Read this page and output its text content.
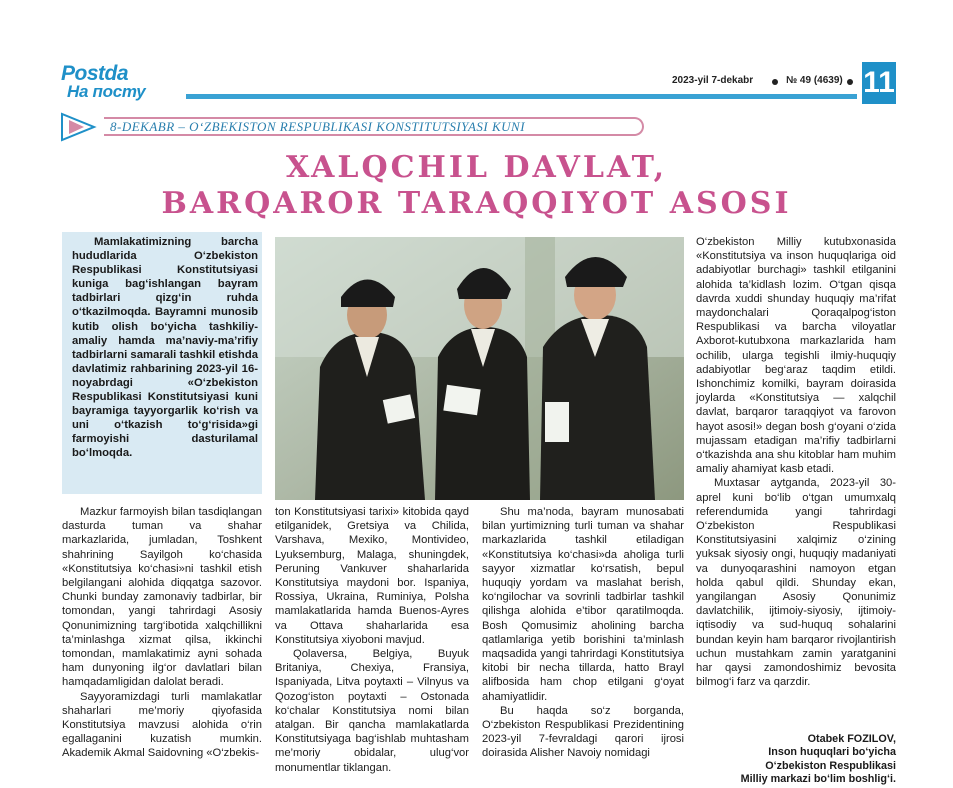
Postda
На посту
2023-yil 7-dekabr	№ 49 (4639) 11
8-DEKABR – O‘ZBEKISTON RESPUBLIKASI KONSTITUTSIYASI KUNI
XALQCHIL DAVLAT,
BARQAROR TARAQQIYOT ASOSI
Mamlakatimizning barcha hududlarida O‘zbekiston Respublikasi Konstitutsiyasi kuniga bag‘ishlangan bayram tadbirlari qizg‘in ruhda o‘tkazilmoqda. Bayramni munosib kutib olish bo‘yicha tashkiliy-amaliy hamda ma’naviy-ma’rifiy tadbirlarni samarali tashkil etishda davlatimiz rahbarining 2023-yil 16-noyabrdagi «O‘zbekiston Respublikasi Konstitutsiyasi kuni bayramiga tayyorgarlik ko‘rish va uni o‘tkazish to‘g‘risida»gi farmoyishi dasturilamal bo‘lmoqda.

Mazkur farmoyish bilan tasdiqlangan dasturda tuman va shahar markazlarida, jumladan, Toshkent shahrining Sayilgoh ko‘chasida «Konstitutsiya ko‘chasi»ni tashkil etish belgilangani alohida diqqatga sazovor. Chunki bunday zamonaviy tadbirlar, bir tomondan, yangi tahrirdagi Asosiy Qonunimizning targ‘ibotida xalqchillikni ta’minlashga xizmat qilsa, ikkinchi tomondan, mamlakatimiz ayni sohada ham dunyoning ilg‘or davlatlari bilan hamqadamligidan dalolat beradi.

Sayyoramizdagi turli mamlakatlar shaharlari me’moriy qiyofasida Konstitutsiya mavzusi alohida o‘rin egallaganini kuzatish mumkin. Akademik Akmal Saidovning «O‘zbekis-

ton Konstitutsiyasi tarixi» kitobida qayd etilganidek, Gretsiya va Chilida, Varshava, Mexiko, Montivideo, Lyuksemburg, Malaga, shuningdek, Peruning Vankuver shaharlarida Konstitutsiya maydoni bor. Ispaniya, Rossiya, Ukraina, Ruminiya, Polsha mamlakatlarida hamda Buenos-Ayres va Ottava shaharlarida esa Konstitutsiya xiyoboni mavjud.

Qolaversa, Belgiya, Buyuk Britaniya, Chexiya, Fransiya, Ispaniyada, Litva poytaxti – Vilnyus va Qozog‘iston poytaxti – Ostonada ko‘chalar Konstitutsiya nomi bilan atalgan. Bir qancha mamlakatlarda Konstitutsiyaga bag‘ishlab muhtasham me’moriy obidalar, ulug‘vor monumentlar tiklangan.

Shu ma’noda, bayram munosabati bilan yurtimizning turli tuman va shahar markazlarida tashkil etiladigan «Konstitutsiya ko‘chasi»da aholiga turli sayyor xizmatlar ko‘rsatish, bepul huquqiy yordam va maslahat berish, ko‘ngilochar va sovrinli tadbirlar tashkil qilishga alohida e’tibor qaratilmoqda. Bosh Qomusimiz aholining barcha qatlamlariga yetib borishini ta’minlash maqsadida yangi tahrirdagi Konstitutsiya kitobi bir necha tillarda, hatto Brayl alifbosida ham chop etilgani g‘oyat ahamiyatlidir.

Bu haqda so‘z borganda, O‘zbekiston Respublikasi Prezidentining 2023-yil 7-fevraldagi qarori ijrosi doirasida Alisher Navoiy nomidagi

O‘zbekiston Milliy kutubxonasida «Konstitutsiya va inson huquqlariga oid adabiyotlar burchagi» tashkil etilganini alohida ta’kidlash lozim. O‘tgan qisqa davrda xuddi shunday huquqiy ma’rifat maydonchalari Qoraqalpog‘iston Respublikasi va barcha viloyatlar Axborot-kutubxona markazlarida ham ochilib, ularga tegishli ilmiy-huquqiy adabiyotlar beg‘araz taqdim etildi. Ishonchimiz komilki, bayram doirasida joylarda «Konstitutsiya — xalqchil davlat, barqaror taraqqiyot va farovon hayot asosi!» degan bosh g‘oyani o‘zida mujassam etadigan ma’rifiy tadbirlarni o‘tkazishda ana shu kitoblar ham muhim amaliy ahamiyat kasb etadi.

Muxtasar aytganda, 2023-yil 30-aprel kuni bo‘lib o‘tgan umumxalq referendumida yangi tahrirdagi O‘zbekiston Respublikasi Konstitutsiyasini xalqimiz o‘zining yuksak siyosiy ongi, huquqiy madaniyati va dunyoqarashini namoyon etgan holda qabul qildi. Shunday ekan, yangilangan Asosiy Qonunimiz davlatchilik, ijtimoiy-siyosiy, ijtimoiy-iqtisodiy va sud-huquq sohalarini bundan keyin ham barqaror rivojlantirish uchun mustahkam zamin yaratganini har qaysi zamondoshimiz bevosita bilmog‘i farz va qarzdir.

Otabek FOZILOV,
Inson huquqlari bo‘yicha
O‘zbekiston Respublikasi
Milliy markazi bo‘lim boshlig‘i.
